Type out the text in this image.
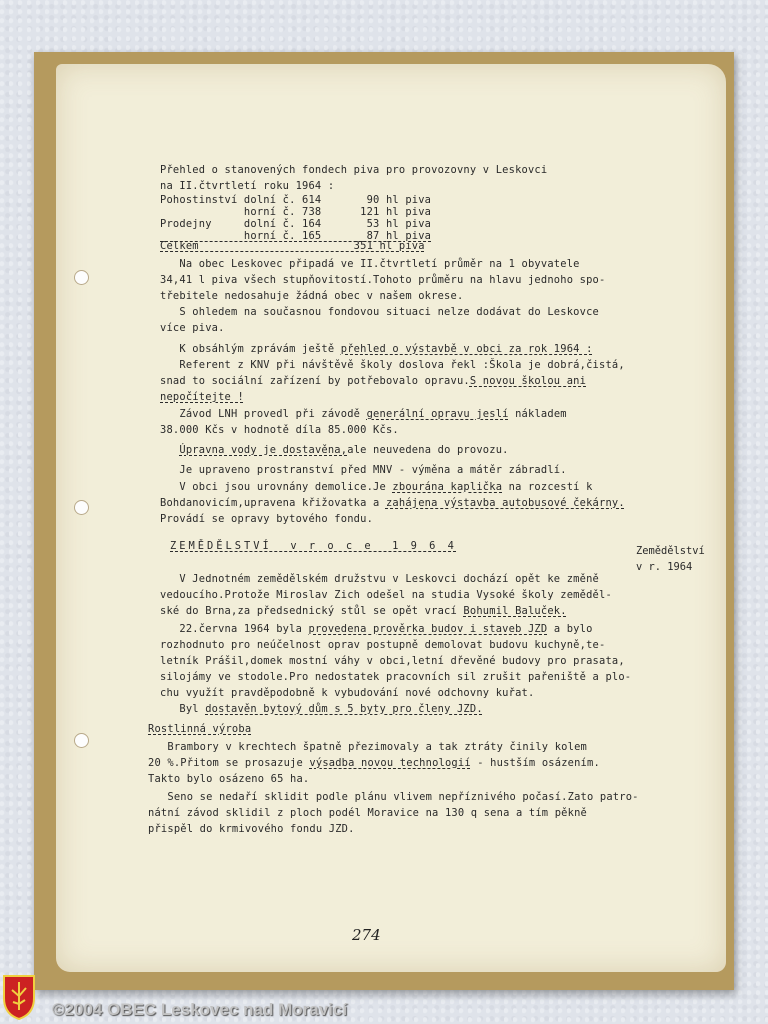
Přehled o stanovených fondech piva pro provozovny v Leskovci
na II.čtvrtletí roku 1964 :
Pohostinství dolní č. 614       90 hl piva
horní č. 738      121 hl piva
Prodejny     dolní č. 164       53 hl piva
horní č. 165       87 hl piva
Celkem                        351 hl piva
Na obec Leskovec připadá ve II.čtvrtletí průměr na 1 obyvatele
34,41 l piva všech stupňovitostí.Tohoto průměru na hlavu jednoho spo-
třebitele nedosahuje žádná obec v našem okrese.
S ohledem na současnou fondovou situaci nelze dodávat do Leskovce
více piva.
K obsáhlým zprávám ještě přehled o výstavbě v obci za rok 1964 :
Referent z KNV při návštěvě školy doslova řekl :Škola je dobrá,čistá,
snad to sociální zařízení by potřebovalo opravu.S novou školou ani
nepočítejte !
Závod LNH provedl při závodě generální opravu jeslí nákladem
38.000 Kčs v hodnotě díla 85.000 Kčs.
Úpravna vody je dostavěna,ale neuvedena do provozu.
Je upraveno prostranství před MNV - výměna a mátěr zábradlí.
V obci jsou urovnány demolice.Je zbourána kaplička na rozcestí k
Bohdanovicím,upravena křižovatka a zahájena výstavba autobusové čekárny.
Provádí se opravy bytového fondu.
ZEMĚDĚLSTVÍ  v r o c e  1 9 6 4	Zemědělství
v r. 1964
V Jednotném zemědělském družstvu v Leskovci dochází opět ke změně
vedoucího.Protože Miroslav Zich odešel na studia Vysoké školy zeměděl-
ské do Brna,za předsednický stůl se opět vrací Bohumil Baluček.
22.června 1964 byla provedena prověrka budov i staveb JZD a bylo
rozhodnuto pro neúčelnost oprav postupně demolovat budovu kuchyně,te-
letník Prášil,domek mostní váhy v obci,letní dřevěné budovy pro prasata,
silojámy ve stodole.Pro nedostatek pracovních sil zrušit pařeniště a plo-
chu využít pravděpodobně k vybudování nové odchovny kuřat.
Byl dostavěn bytový dům s 5 byty pro členy JZD.
Rostlinná výroba
Brambory v krechtech špatně přezimovaly a tak ztráty činily kolem
20 %.Přitom se prosazuje výsadba novou technologií - hustším osázením.
Takto bylo osázeno 65 ha.
Seno se nedaří sklidit podle plánu vlivem nepříznivého počasí.Zato patro-
nátní závod sklidil z ploch podél Moravice na 130 q sena a tím pěkně
přispěl do krmivového fondu JZD.
274
©2004 OBEC Leskovec nad Moravicí
